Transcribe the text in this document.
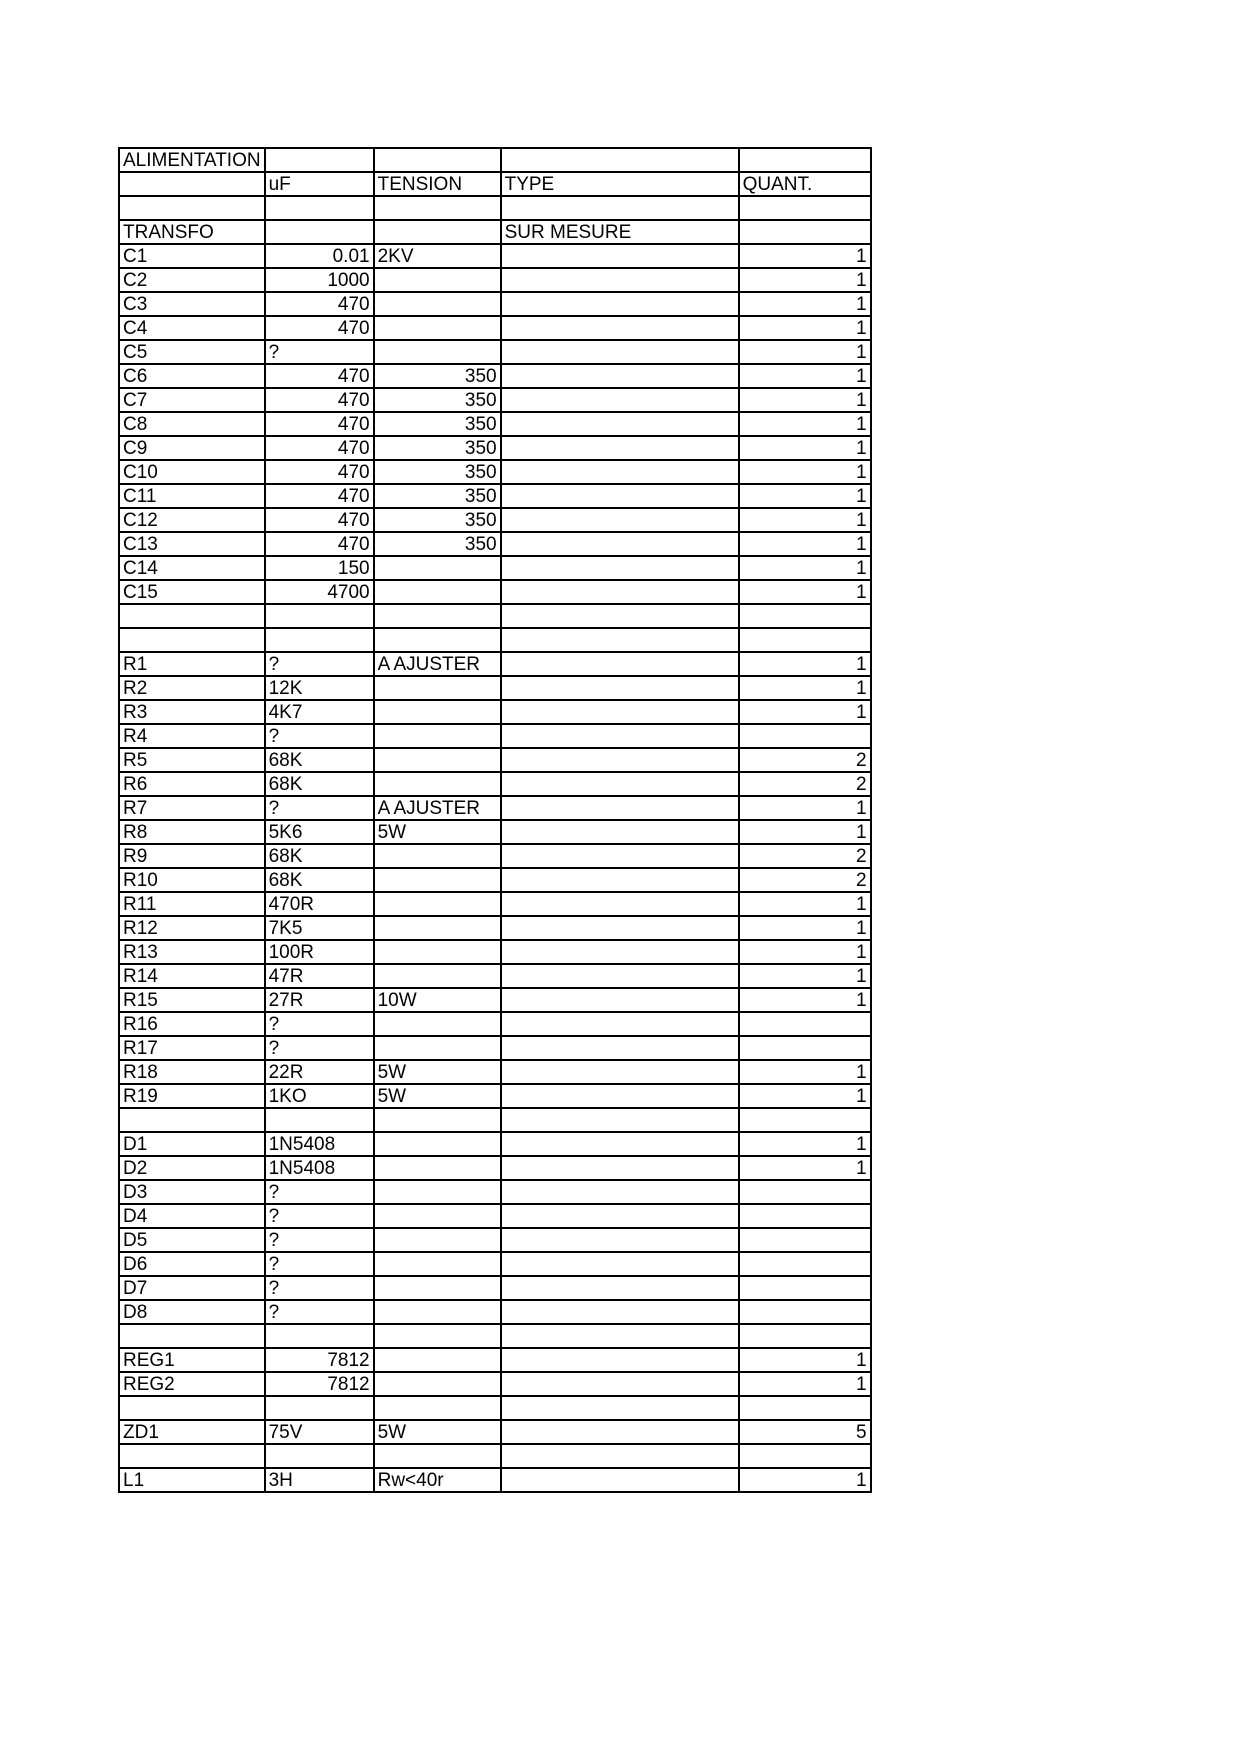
ALIMENTATION				
	uF	TENSION	TYPE	QUANT.

TRANSFO			SUR MESURE	
C1	0.01	2KV		1
C2	1000			1
C3	470			1
C4	470			1
C5	?			1
C6	470	350		1
C7	470	350		1
C8	470	350		1
C9	470	350		1
C10	470	350		1
C11	470	350		1
C12	470	350		1
C13	470	350		1
C14	150			1
C15	4700			1

R1	?	A AJUSTER		1
R2	12K			1
R3	4K7			1
R4	?			
R5	68K			2
R6	68K			2
R7	?	A AJUSTER		1
R8	5K6	5W		1
R9	68K			2
R10	68K			2
R11	470R			1
R12	7K5			1
R13	100R			1
R14	47R			1
R15	27R	10W		1
R16	?			
R17	?			
R18	22R	5W		1
R19	1KO	5W		1

D1	1N5408			1
D2	1N5408			1
D3	?			
D4	?			
D5	?			
D6	?			
D7	?			
D8	?			

REG1	7812			1
REG2	7812			1

ZD1	75V	5W		5

L1	3H	Rw<40r		1
